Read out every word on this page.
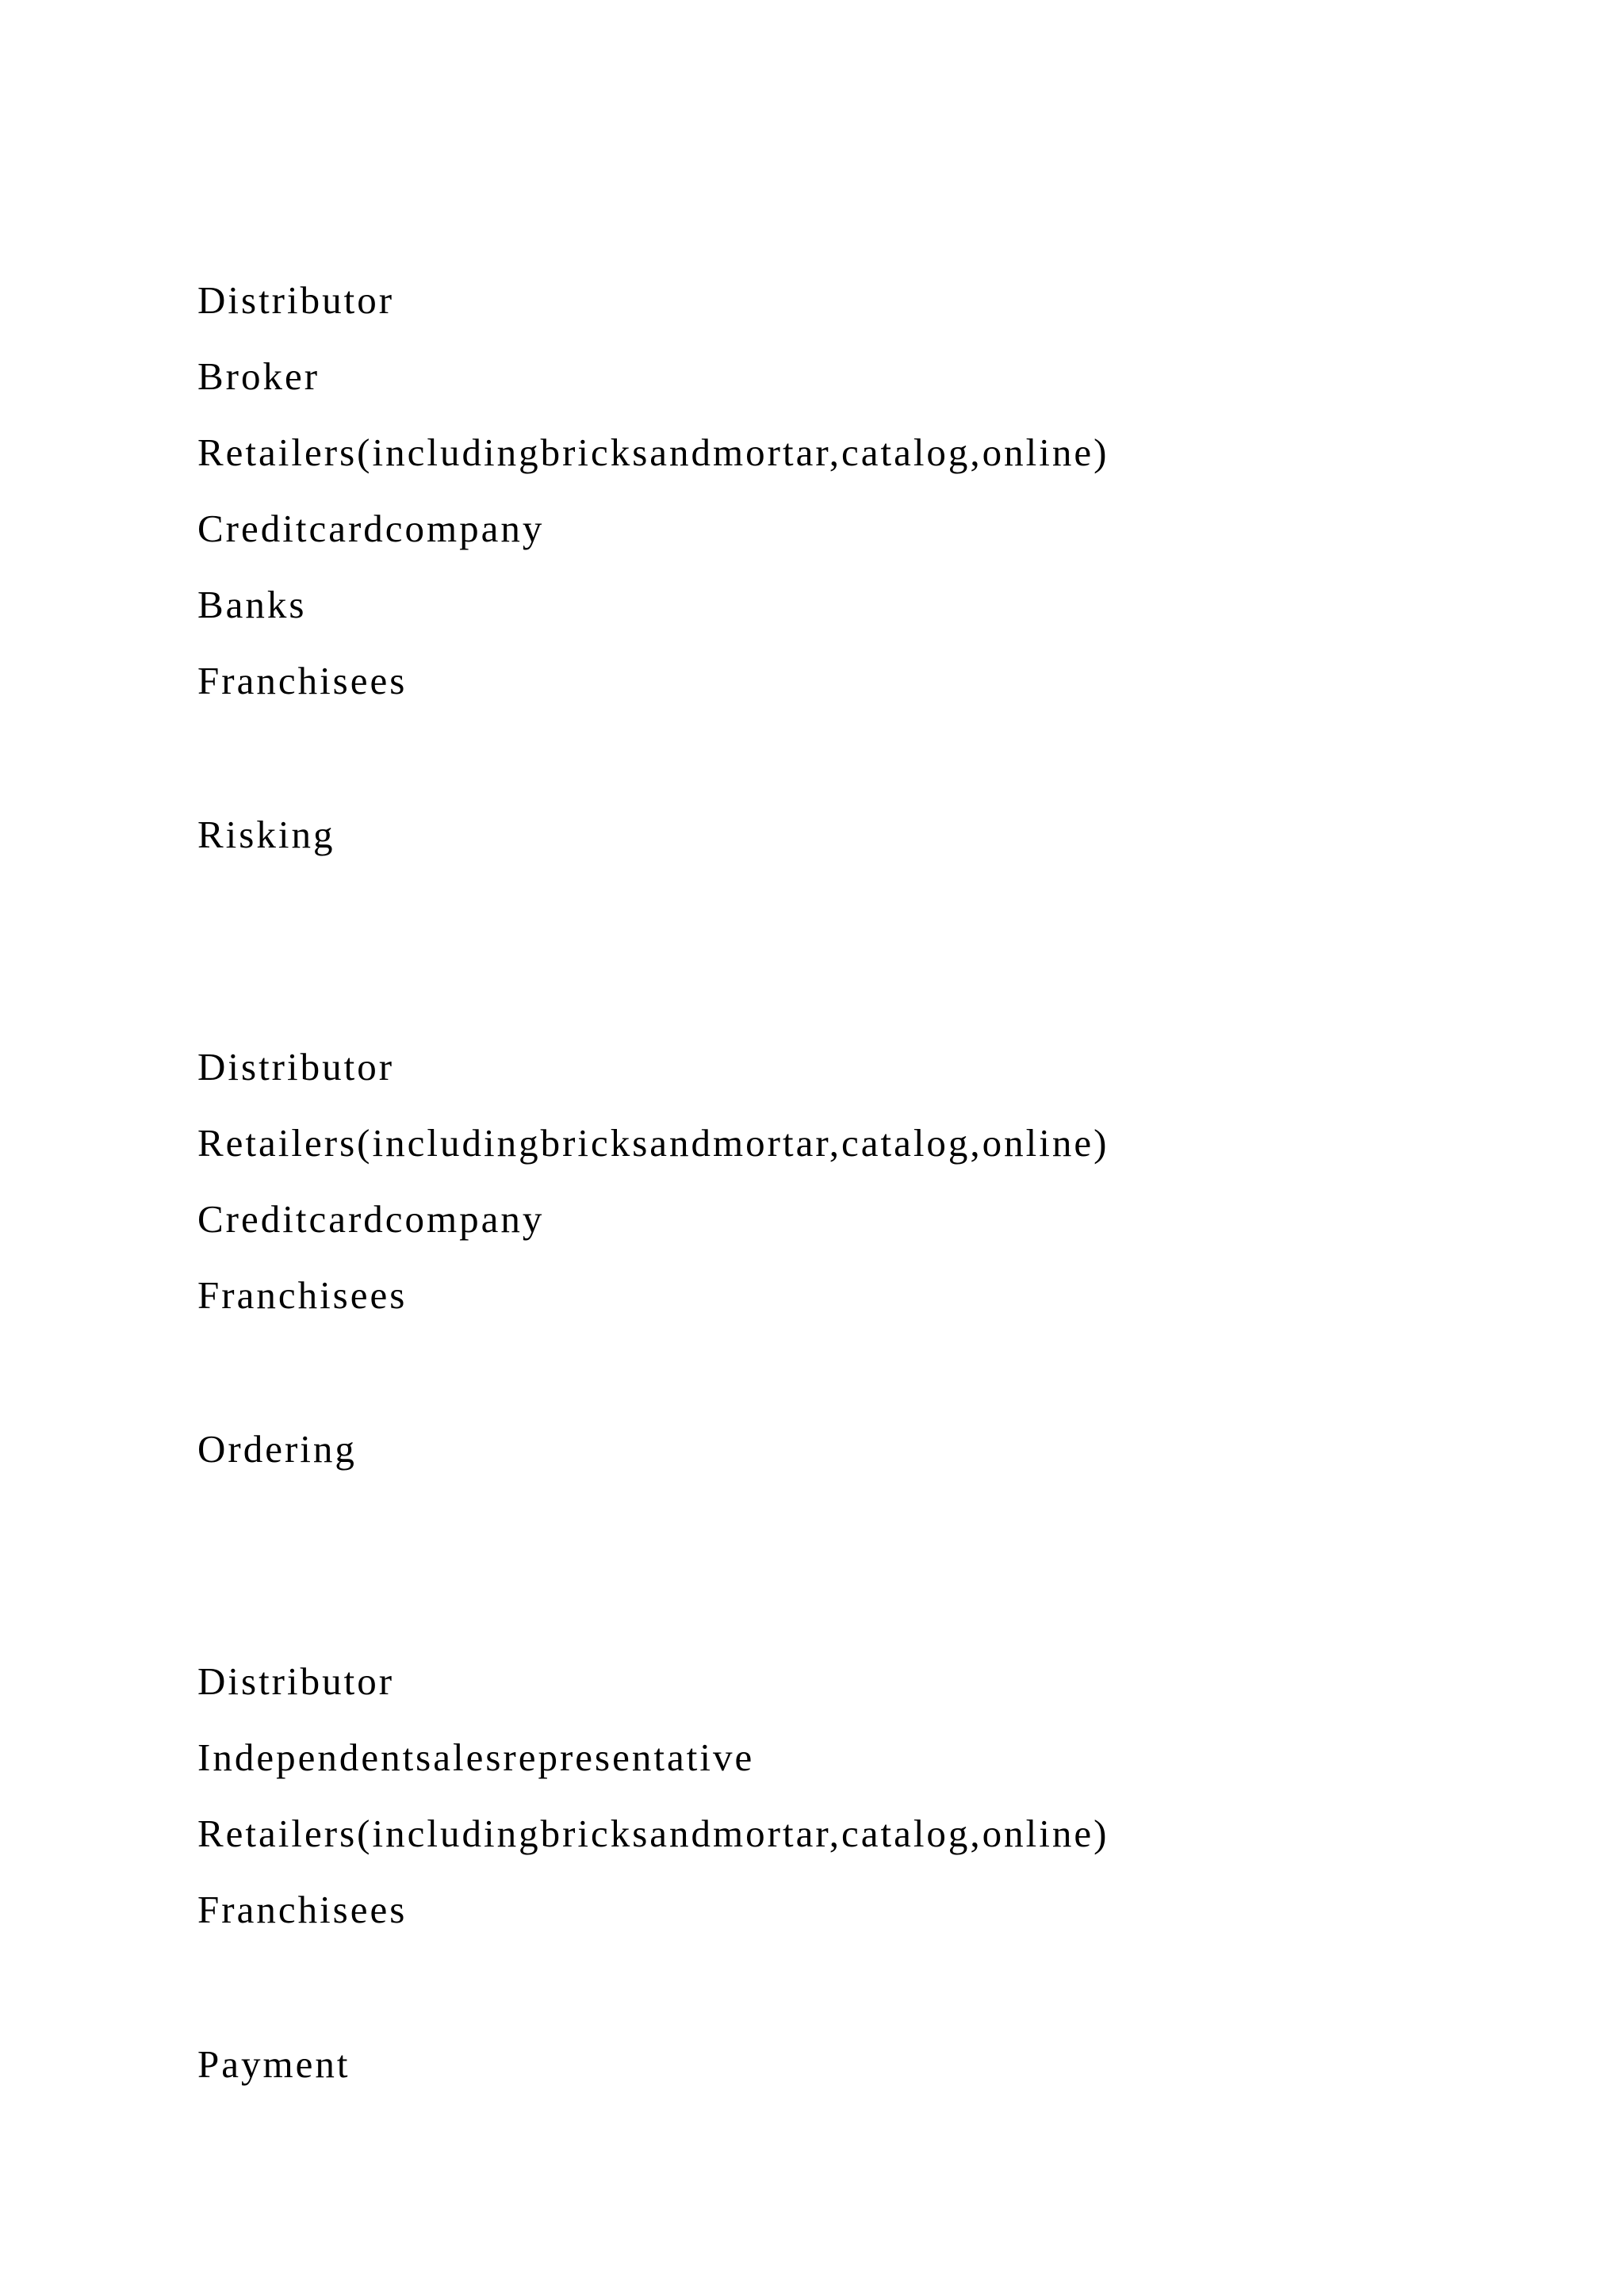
Distributor
Broker
Retailers(includingbricksandmortar,catalog,online)
Creditcardcompany
Banks
Franchisees
Risking
Distributor
Retailers(includingbricksandmortar,catalog,online)
Creditcardcompany
Franchisees
Ordering
Distributor
Independentsalesrepresentative
Retailers(includingbricksandmortar,catalog,online)
Franchisees
Payment
